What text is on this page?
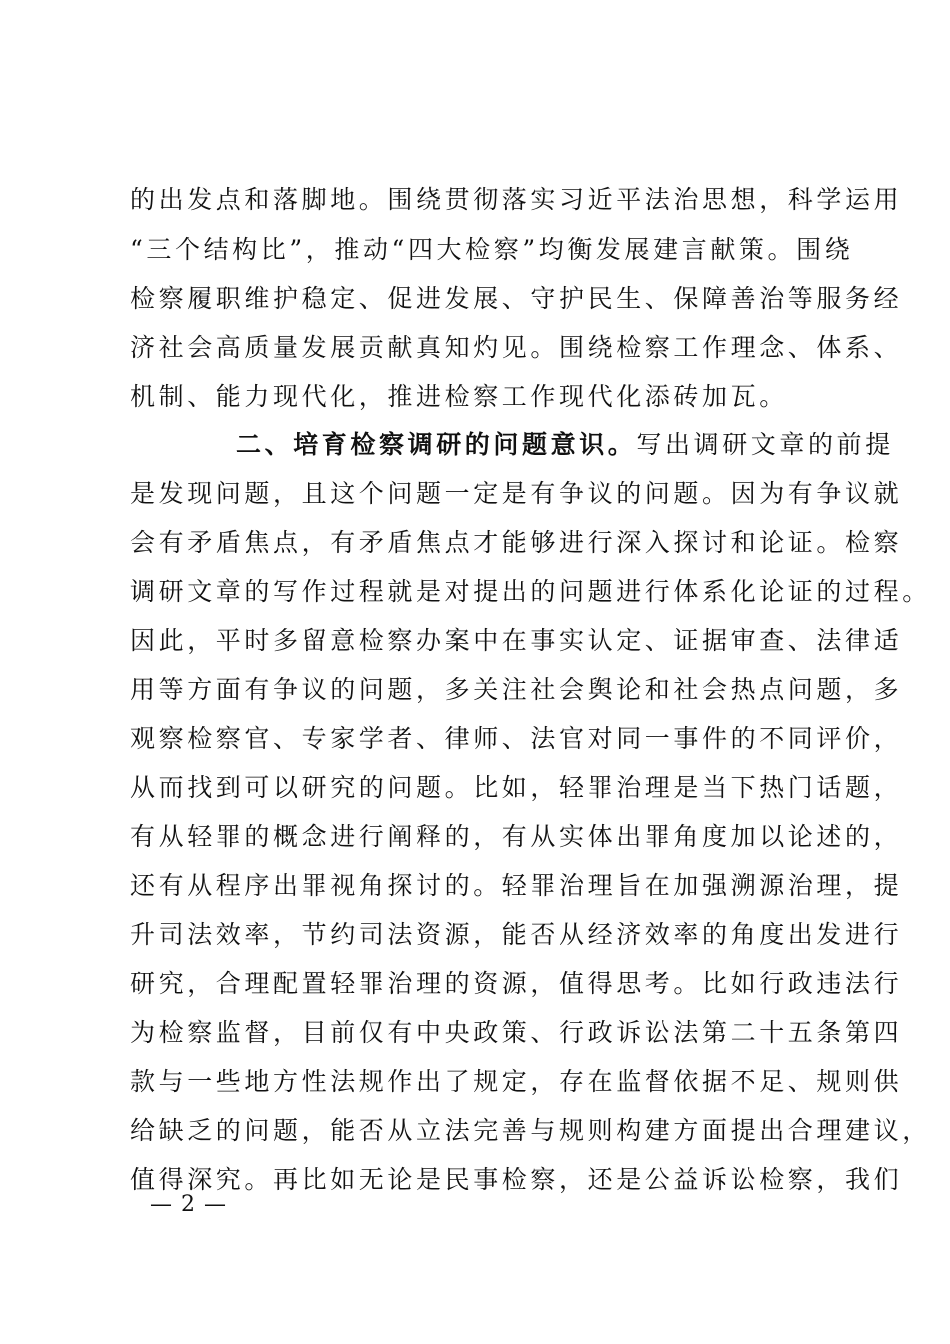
的出发点和落脚地。围绕贯彻落实习近平法治思想，科学运用
“三个结构比”，推动“四大检察”均衡发展建言献策。围绕
检察履职维护稳定、促进发展、守护民生、保障善治等服务经
济社会高质量发展贡献真知灼见。围绕检察工作理念、体系、
机制、能力现代化，推进检察工作现代化添砖加瓦。
二、培育检察调研的问题意识。写出调研文章的前提
是发现问题，且这个问题一定是有争议的问题。因为有争议就
会有矛盾焦点，有矛盾焦点才能够进行深入探讨和论证。检察
调研文章的写作过程就是对提出的问题进行体系化论证的过程。
因此，平时多留意检察办案中在事实认定、证据审查、法律适
用等方面有争议的问题，多关注社会舆论和社会热点问题，多
观察检察官、专家学者、律师、法官对同一事件的不同评价，
从而找到可以研究的问题。比如，轻罪治理是当下热门话题，
有从轻罪的概念进行阐释的，有从实体出罪角度加以论述的，
还有从程序出罪视角探讨的。轻罪治理旨在加强溯源治理，提
升司法效率，节约司法资源，能否从经济效率的角度出发进行
研究，合理配置轻罪治理的资源，值得思考。比如行政违法行
为检察监督，目前仅有中央政策、行政诉讼法第二十五条第四
款与一些地方性法规作出了规定，存在监督依据不足、规则供
给缺乏的问题，能否从立法完善与规则构建方面提出合理建议，
值得深究。再比如无论是民事检察，还是公益诉讼检察，我们
— 2 —
